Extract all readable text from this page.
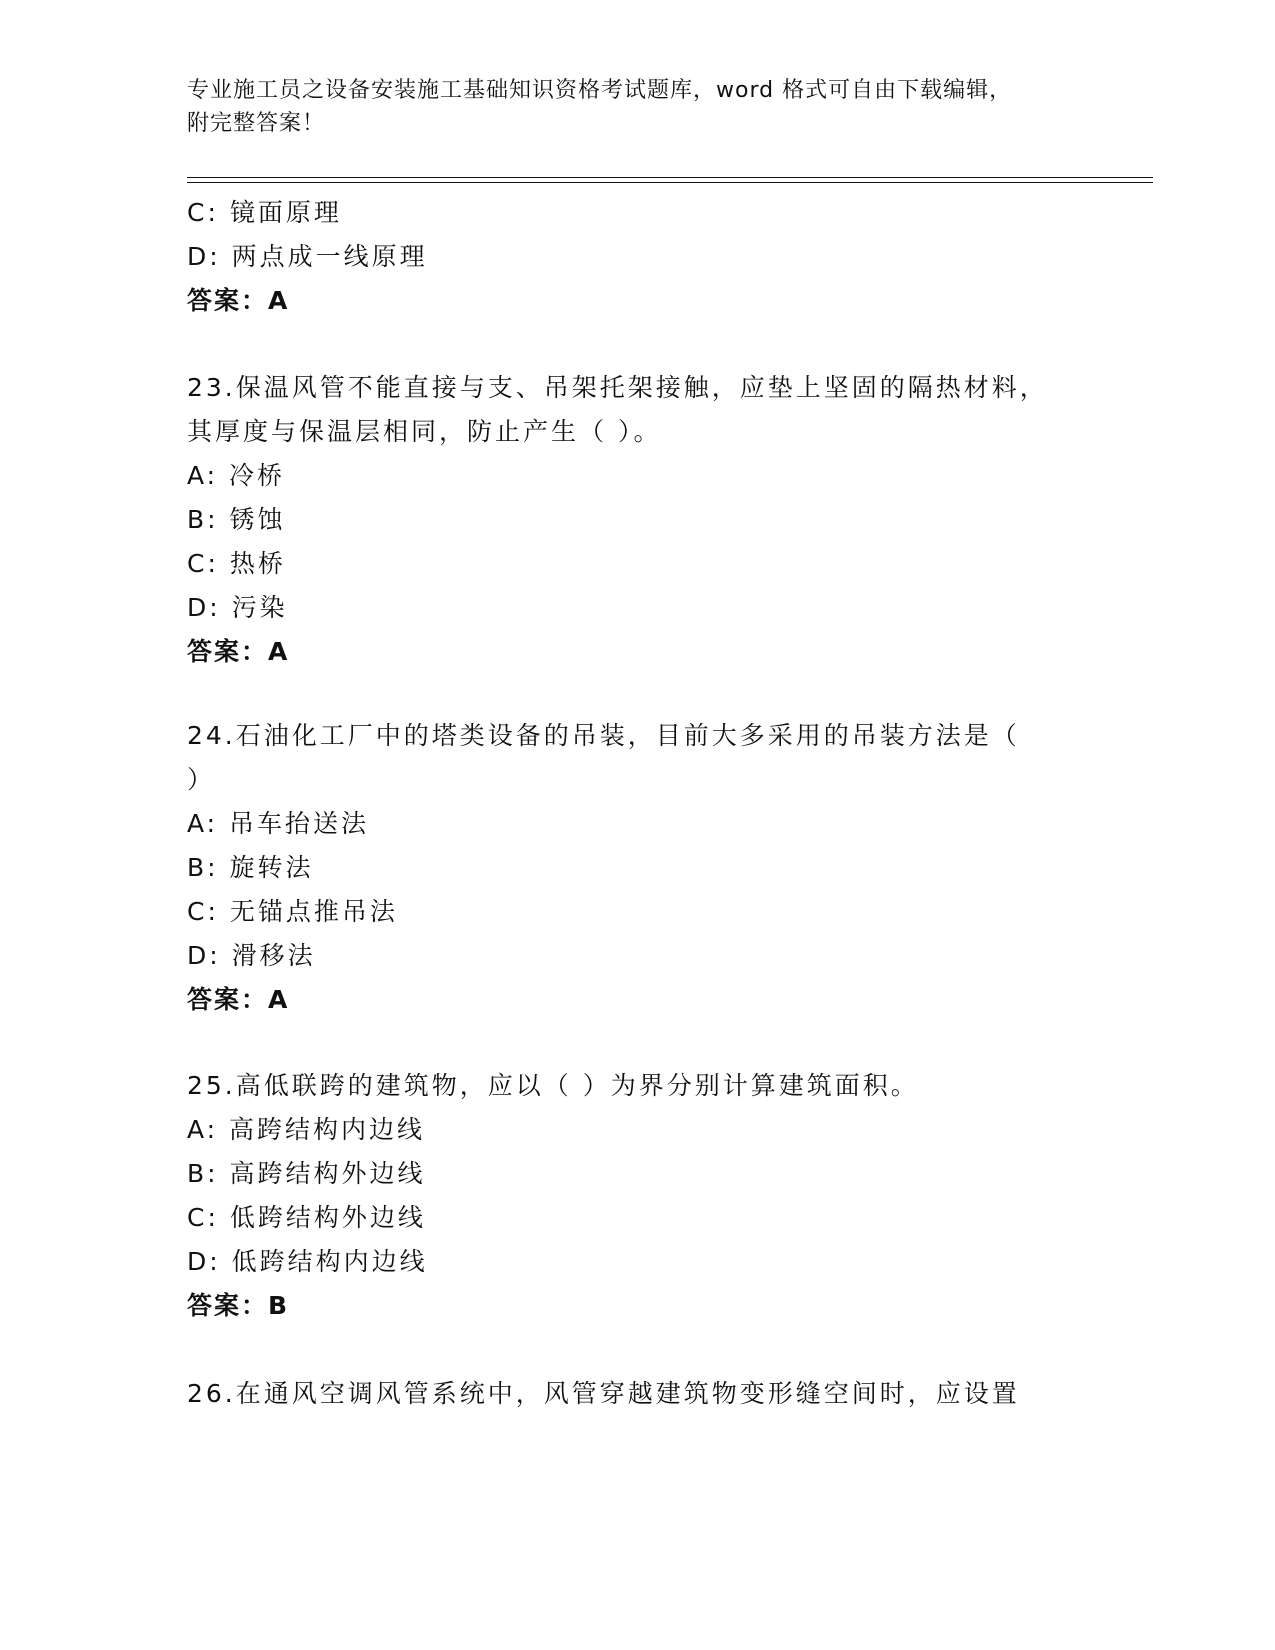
专业施工员之设备安装施工基础知识资格考试题库，word 格式可自由下载编辑，
附完整答案！
C: 镜面原理
D: 两点成一线原理
答案：A
23.保温风管不能直接与支、吊架托架接触，应垫上坚固的隔热材料，
其厚度与保温层相同，防止产生（ ）。
A: 冷桥
B: 锈蚀
C: 热桥
D: 污染
答案：A
24.石油化工厂中的塔类设备的吊装，目前大多采用的吊装方法是（
）
A: 吊车抬送法
B: 旋转法
C: 无锚点推吊法
D: 滑移法
答案：A
25.高低联跨的建筑物，应以（ ）为界分别计算建筑面积。
A: 高跨结构内边线
B: 高跨结构外边线
C: 低跨结构外边线
D: 低跨结构内边线
答案：B
26.在通风空调风管系统中，风管穿越建筑物变形缝空间时，应设置
